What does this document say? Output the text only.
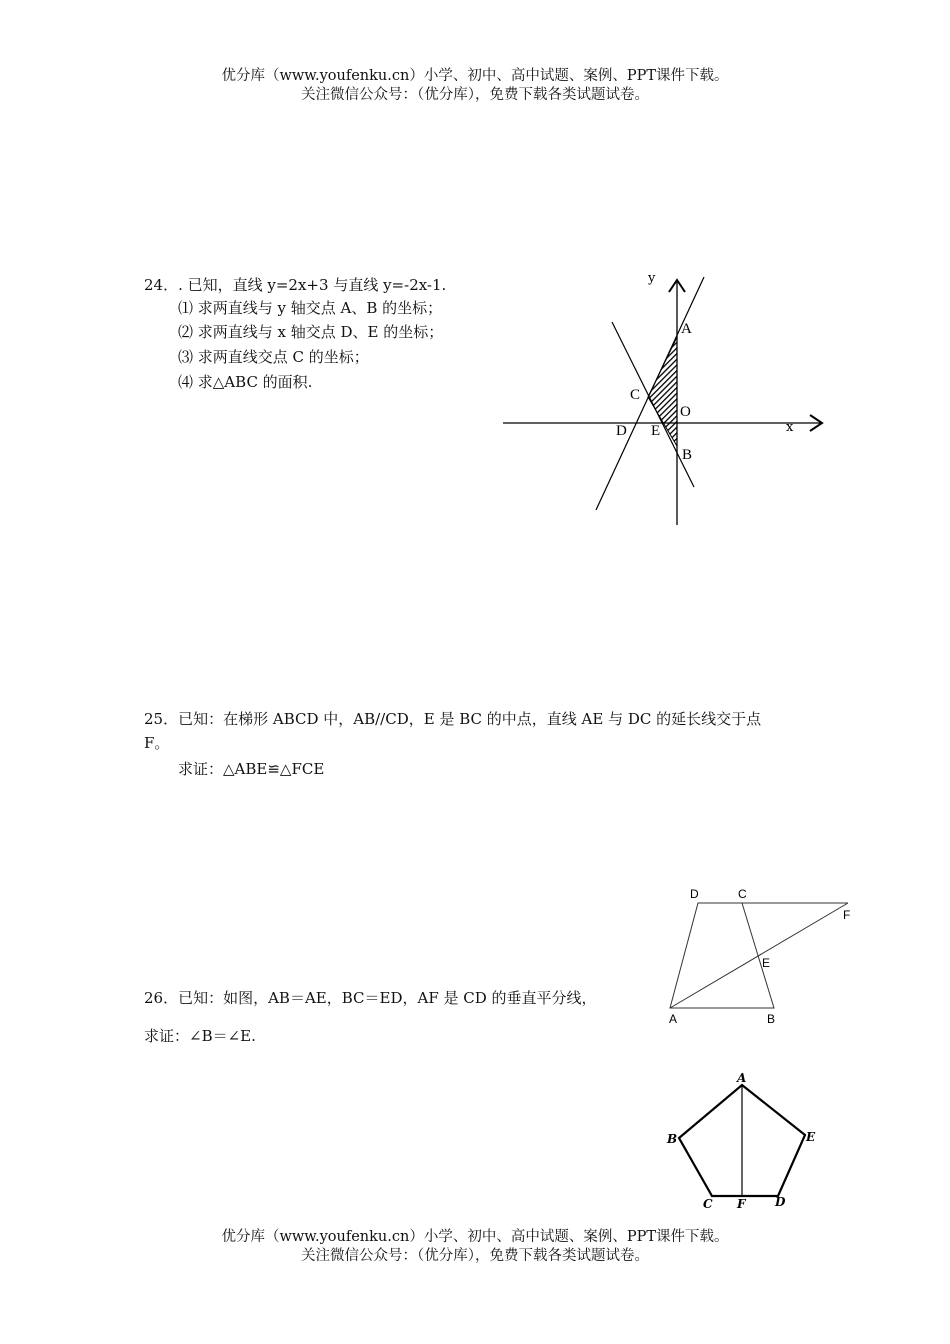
优分库（www.youfenku.cn）小学、初中、高中试题、案例、PPT课件下载。
关注微信公众号：（优分库），免费下载各类试题试卷。
24．. 已知，直线 y=2x+3 与直线 y=-2x-1.
⑴ 求两直线与 y 轴交点 A、B 的坐标；
⑵ 求两直线与 x 轴交点 D、E 的坐标；
⑶ 求两直线交点 C 的坐标；
⑷ 求△ABC 的面积.
y
x
A
C
O
D E
B
25．已知：在梯形 ABCD 中，AB//CD，E 是 BC 的中点，直线 AE 与 DC 的延长线交于点
F。
求证：△ABE≌△FCE
D	C
F
E
A	B
26．已知：如图，AB＝AE，BC＝ED，AF 是 CD 的垂直平分线，
求证：∠B＝∠E.
A
B	E
C F D
优分库（www.youfenku.cn）小学、初中、高中试题、案例、PPT课件下载。
关注微信公众号：（优分库），免费下载各类试题试卷。
